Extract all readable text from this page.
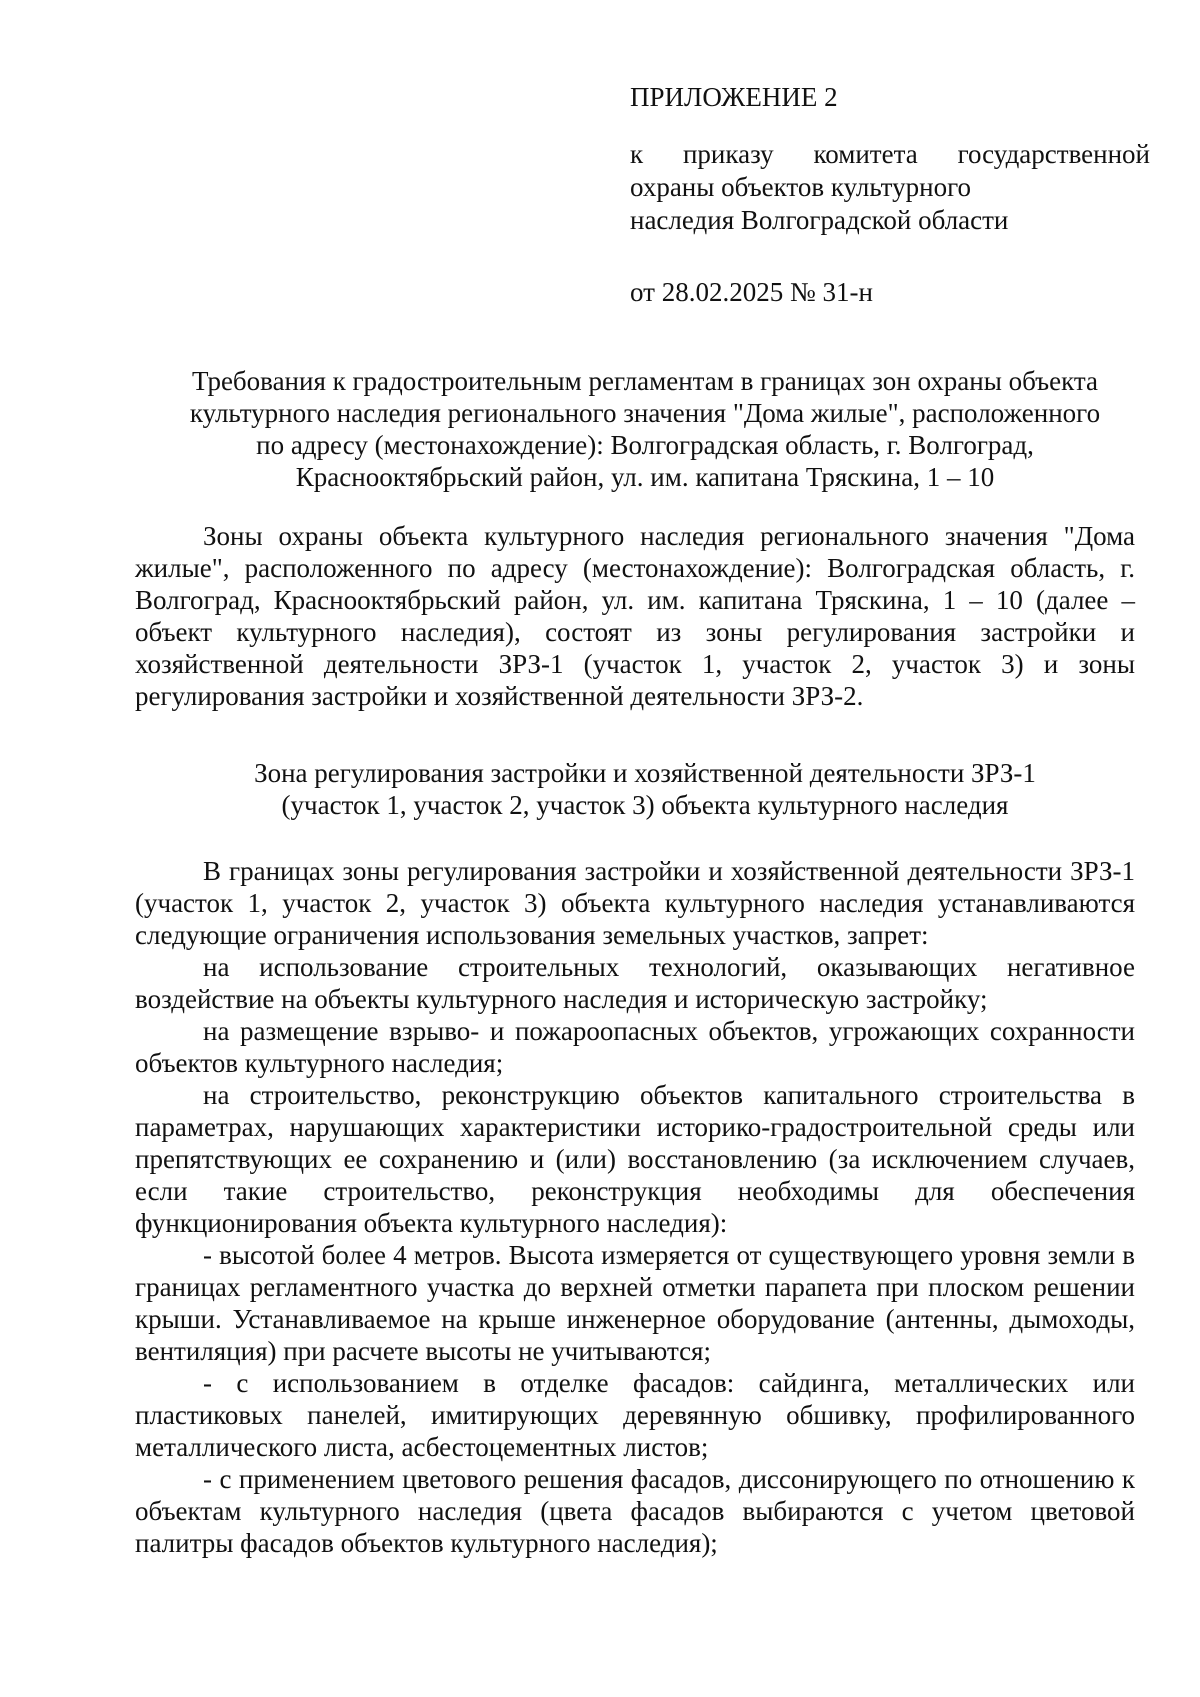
ПРИЛОЖЕНИЕ 2
к приказу комитета государственной
охраны объектов культурного
наследия Волгоградской области
от 28.02.2025 № 31-н
Требования к градостроительным регламентам в границах зон охраны объекта
культурного наследия регионального значения "Дома жилые", расположенного
по адресу (местонахождение): Волгоградская область, г. Волгоград,
Краснооктябрьский район, ул. им. капитана Тряскина, 1 – 10

Зоны охраны объекта культурного наследия регионального значения "Дома жилые", расположенного по адресу (местонахождение): Волгоградская область, г. Волгоград, Краснооктябрьский район, ул. им. капитана Тряскина, 1 – 10 (далее – объект культурного наследия), состоят из зоны регулирования застройки и хозяйственной деятельности ЗРЗ-1 (участок 1, участок 2, участок 3) и зоны регулирования застройки и хозяйственной деятельности ЗРЗ-2.

Зона регулирования застройки и хозяйственной деятельности ЗРЗ-1
(участок 1, участок 2, участок 3) объекта культурного наследия

В границах зоны регулирования застройки и хозяйственной деятельности ЗРЗ-1 (участок 1, участок 2, участок 3) объекта культурного наследия устанавливаются следующие ограничения использования земельных участков, запрет:

на использование строительных технологий, оказывающих негативное воздействие на объекты культурного наследия и историческую застройку;

на размещение взрыво- и пожароопасных объектов, угрожающих сохранности объектов культурного наследия;

на строительство, реконструкцию объектов капитального строительства в параметрах, нарушающих характеристики историко-градостроительной среды или препятствующих ее сохранению и (или) восстановлению (за исключением случаев, если такие строительство, реконструкция необходимы для обеспечения функционирования объекта культурного наследия):

- высотой более 4 метров. Высота измеряется от существующего уровня земли в границах регламентного участка до верхней отметки парапета при плоском решении крыши. Устанавливаемое на крыше инженерное оборудование (антенны, дымоходы, вентиляция) при расчете высоты не учитываются;

- с использованием в отделке фасадов: сайдинга, металлических или пластиковых панелей, имитирующих деревянную обшивку, профилированного металлического листа, асбестоцементных листов;

- с применением цветового решения фасадов, диссонирующего по отношению к объектам культурного наследия (цвета фасадов выбираются с учетом цветовой палитры фасадов объектов культурного наследия);
